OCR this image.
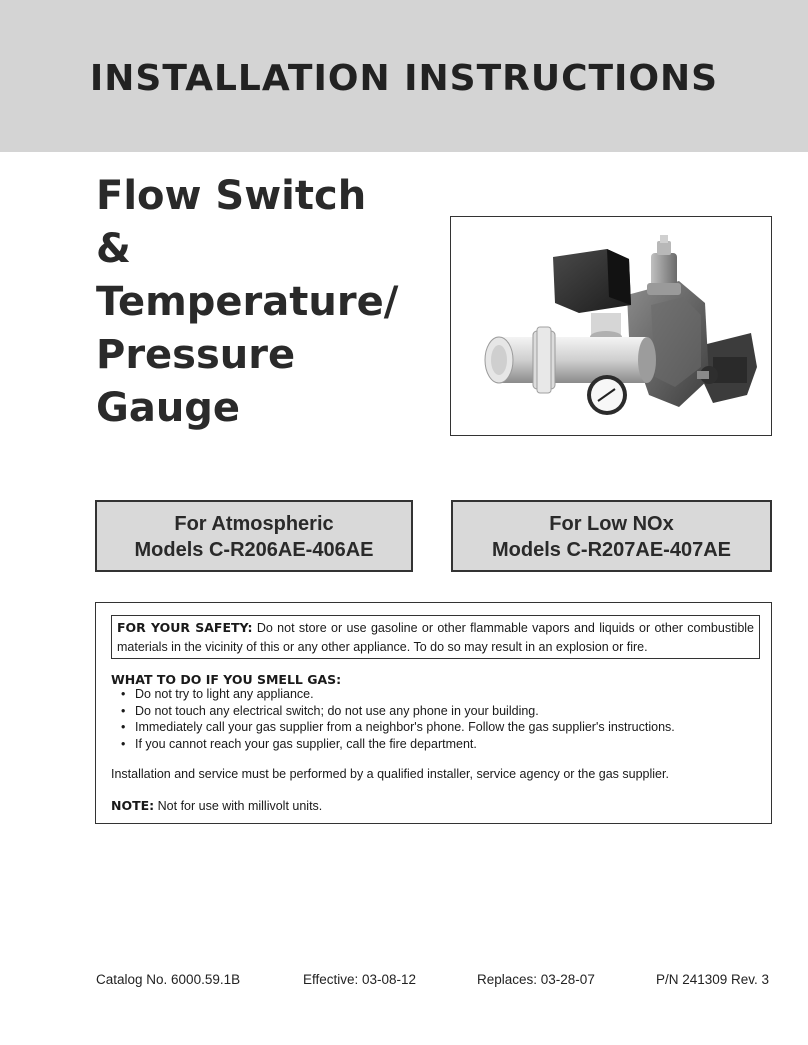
INSTALLATION INSTRUCTIONS
Flow Switch
&
Temperature/
Pressure
Gauge
For Atmospheric
Models C-R206AE-406AE
For Low NOx
Models C-R207AE-407AE
FOR YOUR SAFETY: Do not store or use gasoline or other flammable vapors and liquids or other combustible materials in the vicinity of this or any other appliance. To do so may result in an explosion or fire.
WHAT TO DO IF YOU SMELL GAS:
• Do not try to light any appliance.
• Do not touch any electrical switch; do not use any phone in your building.
• Immediately call your gas supplier from a neighbor's phone. Follow the gas supplier's instructions.
• If you cannot reach your gas supplier, call the fire department.
Installation and service must be performed by a qualified installer, service agency or the gas supplier.
NOTE: Not for use with millivolt units.
Catalog No. 6000.59.1B	Effective: 03-08-12	Replaces: 03-28-07	P/N 241309 Rev. 3
